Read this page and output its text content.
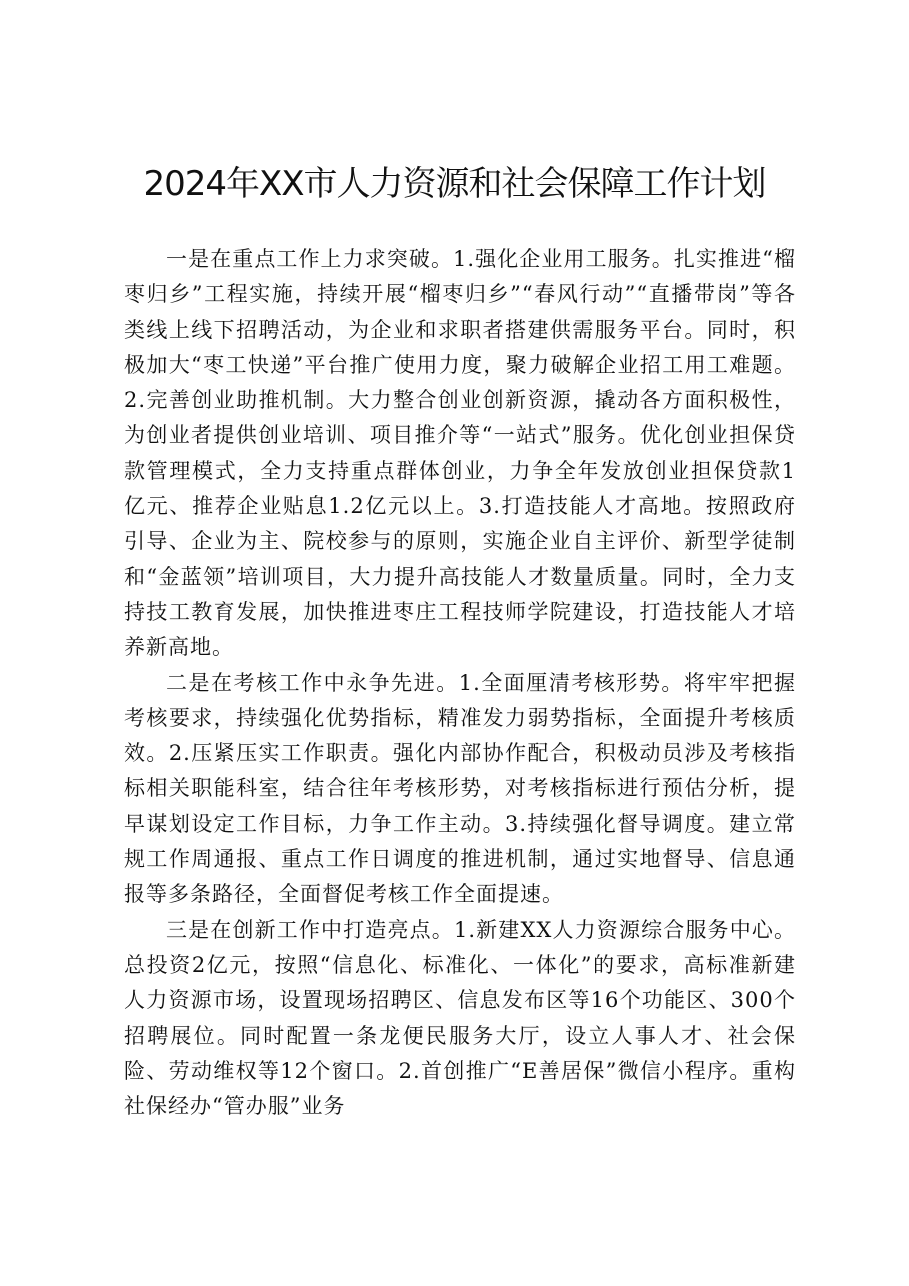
2024年XX市人力资源和社会保障工作计划

一是在重点工作上力求突破。1.强化企业用工服务。扎实推进“榴枣归乡”工程实施，持续开展“榴枣归乡”“春风行动”“直播带岗”等各类线上线下招聘活动，为企业和求职者搭建供需服务平台。同时，积极加大“枣工快递”平台推广使用力度，聚力破解企业招工用工难题。2.完善创业助推机制。大力整合创业创新资源，撬动各方面积极性，为创业者提供创业培训、项目推介等“一站式”服务。优化创业担保贷款管理模式，全力支持重点群体创业，力争全年发放创业担保贷款1亿元、推荐企业贴息1.2亿元以上。3.打造技能人才高地。按照政府引导、企业为主、院校参与的原则，实施企业自主评价、新型学徒制和“金蓝领”培训项目，大力提升高技能人才数量质量。同时，全力支持技工教育发展，加快推进枣庄工程技师学院建设，打造技能人才培养新高地。

二是在考核工作中永争先进。1.全面厘清考核形势。将牢牢把握考核要求，持续强化优势指标，精准发力弱势指标，全面提升考核质效。2.压紧压实工作职责。强化内部协作配合，积极动员涉及考核指标相关职能科室，结合往年考核形势，对考核指标进行预估分析，提早谋划设定工作目标，力争工作主动。3.持续强化督导调度。建立常规工作周通报、重点工作日调度的推进机制，通过实地督导、信息通报等多条路径，全面督促考核工作全面提速。

三是在创新工作中打造亮点。1.新建XX人力资源综合服务中心。总投资2亿元，按照“信息化、标准化、一体化”的要求，高标准新建人力资源市场，设置现场招聘区、信息发布区等16个功能区、300个招聘展位。同时配置一条龙便民服务大厅，设立人事人才、社会保险、劳动维权等12个窗口。2.首创推广“E善居保”微信小程序。重构社保经办“管办服”业务
